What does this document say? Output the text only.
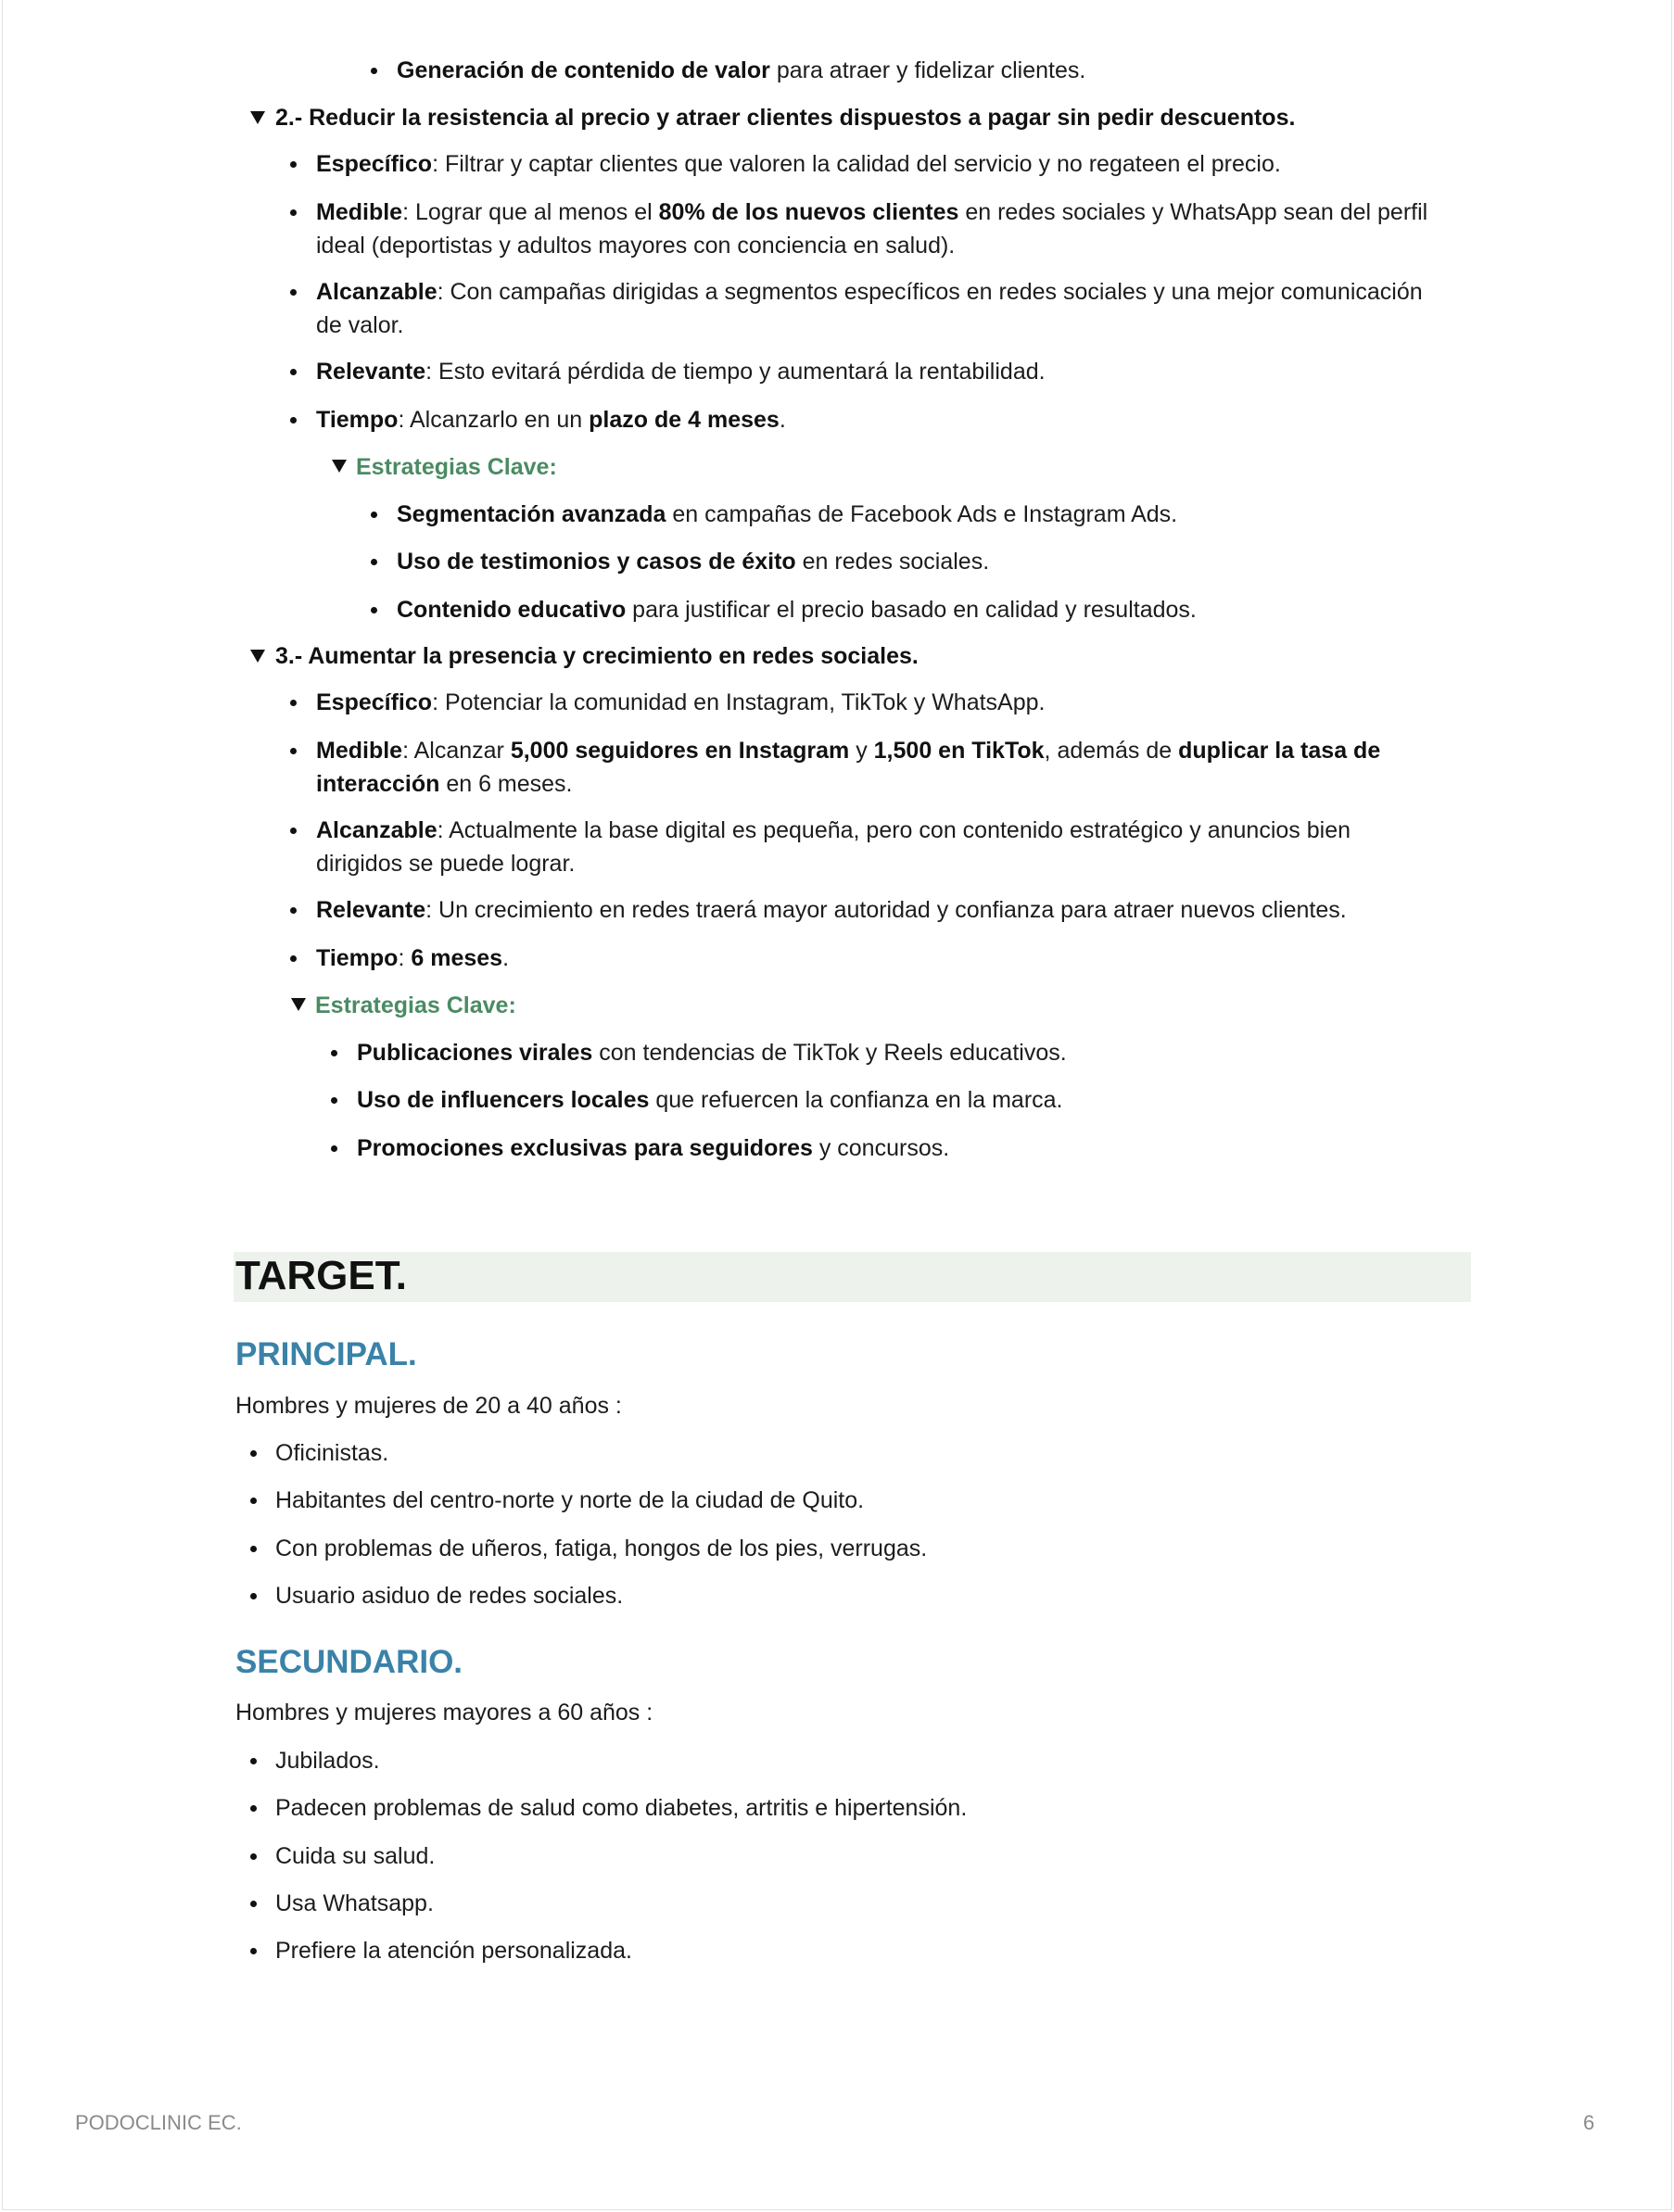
Generación de contenido de valor para atraer y fidelizar clientes.
2.- Reducir la resistencia al precio y atraer clientes dispuestos a pagar sin pedir descuentos.
Específico: Filtrar y captar clientes que valoren la calidad del servicio y no regateen el precio.
Medible: Lograr que al menos el 80% de los nuevos clientes en redes sociales y WhatsApp sean del perfil
ideal (deportistas y adultos mayores con conciencia en salud).
Alcanzable: Con campañas dirigidas a segmentos específicos en redes sociales y una mejor comunicación
de valor.
Relevante: Esto evitará pérdida de tiempo y aumentará la rentabilidad.
Tiempo: Alcanzarlo en un plazo de 4 meses.
Estrategias Clave:
Segmentación avanzada en campañas de Facebook Ads e Instagram Ads.
Uso de testimonios y casos de éxito en redes sociales.
Contenido educativo para justificar el precio basado en calidad y resultados.
3.- Aumentar la presencia y crecimiento en redes sociales.
Específico: Potenciar la comunidad en Instagram, TikTok y WhatsApp.
Medible: Alcanzar 5,000 seguidores en Instagram y 1,500 en TikTok, además de duplicar la tasa de
interacción en 6 meses.
Alcanzable: Actualmente la base digital es pequeña, pero con contenido estratégico y anuncios bien
dirigidos se puede lograr.
Relevante: Un crecimiento en redes traerá mayor autoridad y confianza para atraer nuevos clientes.
Tiempo: 6 meses.
Estrategias Clave:
Publicaciones virales con tendencias de TikTok y Reels educativos.
Uso de influencers locales que refuercen la confianza en la marca.
Promociones exclusivas para seguidores y concursos.
TARGET.
PRINCIPAL.
Hombres y mujeres de 20 a 40 años :
Oficinistas.
Habitantes del centro-norte y norte de la ciudad de Quito.
Con problemas de uñeros, fatiga, hongos de los pies, verrugas.
Usuario asiduo de redes sociales.
SECUNDARIO.
Hombres y mujeres mayores a 60 años :
Jubilados.
Padecen problemas de salud como diabetes, artritis e hipertensión.
Cuida su salud.
Usa Whatsapp.
Prefiere la atención personalizada.
PODOCLINIC EC.	6
